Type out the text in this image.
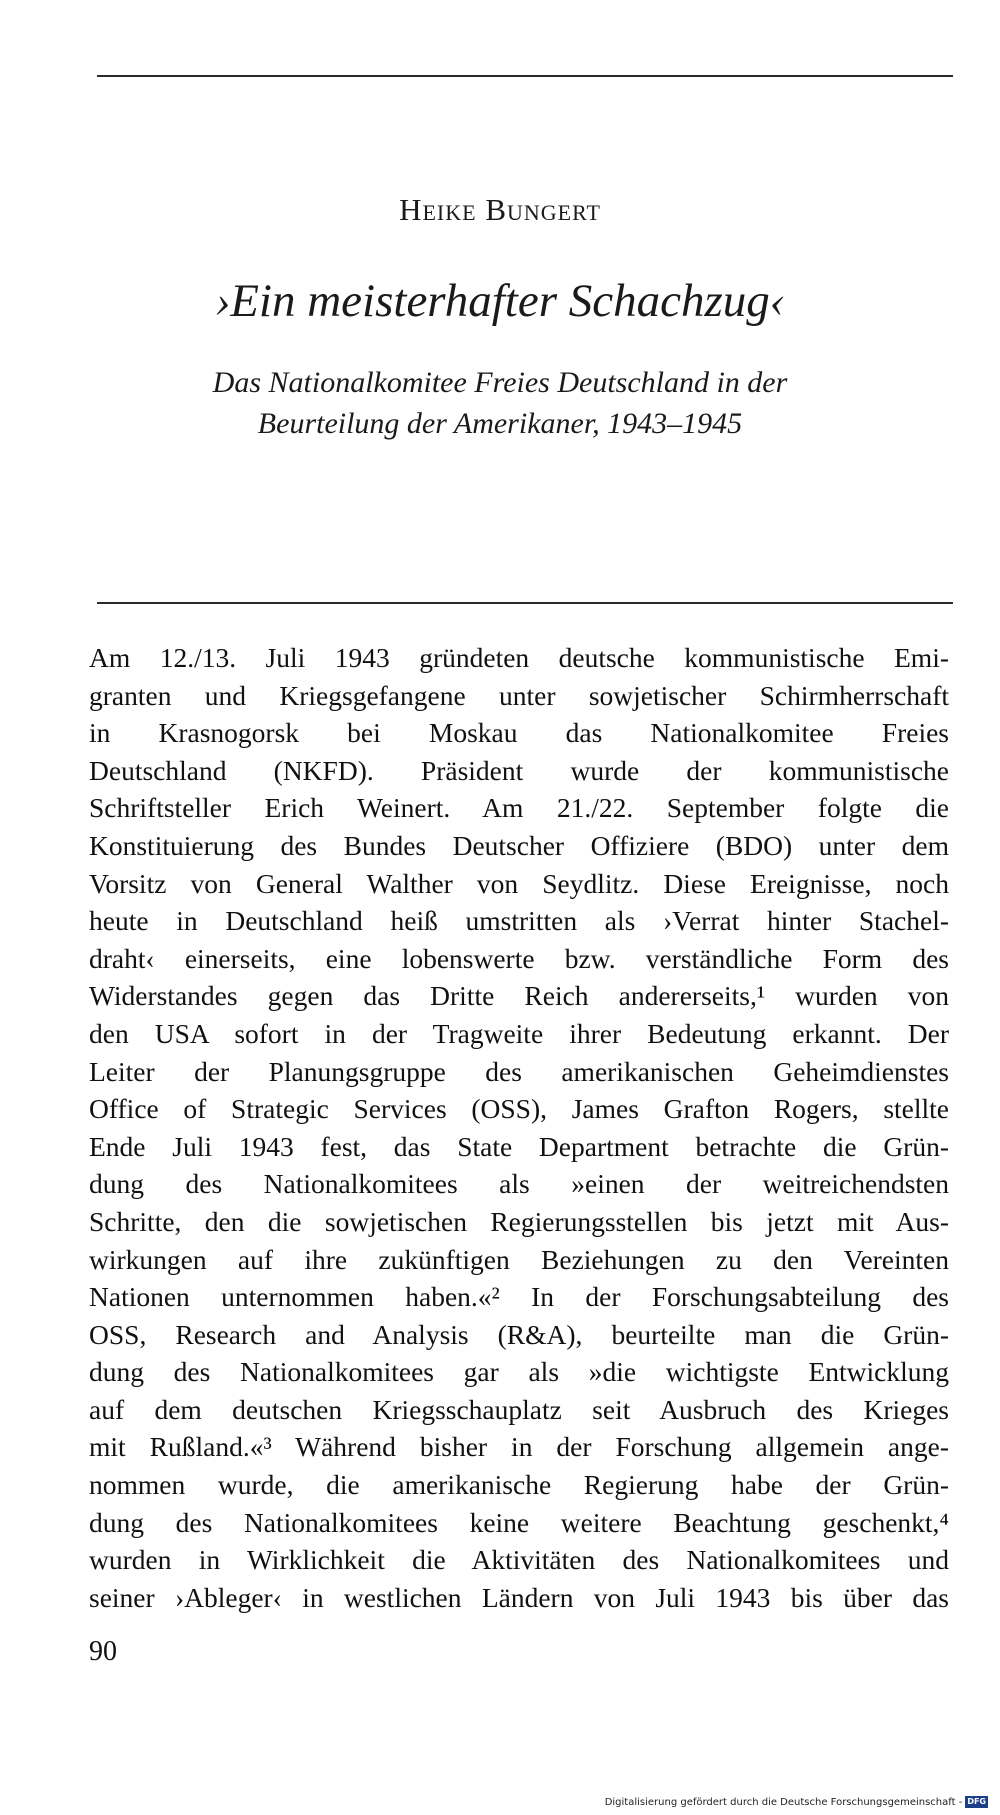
Heike Bungert
›Ein meisterhafter Schachzug‹
Das Nationalkomitee Freies Deutschland in der
Beurteilung der Amerikaner, 1943–1945
Am 12./13. Juli 1943 gründeten deutsche kommunistische Emi-
granten und Kriegsgefangene unter sowjetischer Schirmherrschaft
in Krasnogorsk bei Moskau das Nationalkomitee Freies
Deutschland (NKFD). Präsident wurde der kommunistische
Schriftsteller Erich Weinert. Am 21./22. September folgte die
Konstituierung des Bundes Deutscher Offiziere (BDO) unter dem
Vorsitz von General Walther von Seydlitz. Diese Ereignisse, noch
heute in Deutschland heiß umstritten als ›Verrat hinter Stachel-
draht‹ einerseits, eine lobenswerte bzw. verständliche Form des
Widerstandes gegen das Dritte Reich andererseits,¹ wurden von
den USA sofort in der Tragweite ihrer Bedeutung erkannt. Der
Leiter der Planungsgruppe des amerikanischen Geheimdienstes
Office of Strategic Services (OSS), James Grafton Rogers, stellte
Ende Juli 1943 fest, das State Department betrachte die Grün-
dung des Nationalkomitees als »einen der weitreichendsten
Schritte, den die sowjetischen Regierungsstellen bis jetzt mit Aus-
wirkungen auf ihre zukünftigen Beziehungen zu den Vereinten
Nationen unternommen haben.«² In der Forschungsabteilung des
OSS, Research and Analysis (R&A), beurteilte man die Grün-
dung des Nationalkomitees gar als »die wichtigste Entwicklung
auf dem deutschen Kriegsschauplatz seit Ausbruch des Krieges
mit Rußland.«³ Während bisher in der Forschung allgemein ange-
nommen wurde, die amerikanische Regierung habe der Grün-
dung des Nationalkomitees keine weitere Beachtung geschenkt,⁴
wurden in Wirklichkeit die Aktivitäten des Nationalkomitees und
seiner ›Ableger‹ in westlichen Ländern von Juli 1943 bis über das
90
Digitalisierung gefördert durch die Deutsche Forschungsgemeinschaft - DFG
